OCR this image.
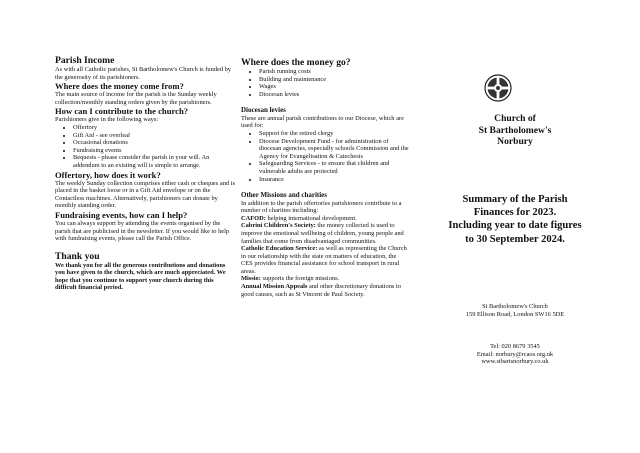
Parish Income

As with all Catholic parishes, St Bartholomew's Church is funded by the generosity of its parishioners.

Where does the money come from?

The main source of income for the parish is the Sunday weekly collection/monthly standing orders given by the parishioners.

How can I contribute to the church?

Parishioners give in the following ways:

• Offertory
• Gift Aid - see overleaf
• Occasional donations
• Fundraising events
• Bequests - please consider the parish in your will. An addendum to an existing will is simple to arrange.
Offertory, how does it work?

The weekly Sunday collection comprises either cash or cheques and is placed in the basket loose or in a Gift Aid envelope or on the Contactless machines. Alternatively, parishioners can donate by monthly standing order.

Fundraising events, how can I help?

You can always support by attending the events organised by the parish that are publicised in the newsletter. If you would like to help with fundraising events, please call the Parish Office.

Thank you

We thank you for all the generous contributions and donations you have given to the church, which are much appreciated. We hope that you continue to support your church during this difficult financial period.

Where does the money go?
• Parish running costs
• Building and maintenance
• Wages
• Diocesan levies
Diocesan levies

These are annual parish contributions to our Diocese, which are used for:

• Support for the retired clergy
• Diocese Development Fund - for administration of diocesan agencies, especially schools Commission and the Agency for Evangelisation & Catechesis
• Safeguarding Services - to ensure that children and vulnerable adults are protected
• Insurance
Other Missions and charities

In addition to the parish offertories parishioners contribute to a number of charities including:

CAFOD: helping international development.

Cabrini Children's Society: the money collected is used to improve the emotional wellbeing of children, young people and families that come from disadvantaged communities.

Catholic Education Service: as well as representing the Church in our relationship with the state on matters of education, the CES provides financial assistance for school transport in rural areas.

Missio: supports the foreign missions.

Annual Mission Appeals and other discretionary donations to good causes, such as St Vincent de Paul Society.

Church of
St Bartholomew's
Norbury
Summary of the Parish
Finances for 2023.
Including year to date figures
to 30 September 2024.
St Bartholomew's Church
159 Ellison Road, London SW16 5DE
Tel: 020 8679 3545
Email: norbury@rcaos.org.uk
www.stbartsnorbury.co.uk
